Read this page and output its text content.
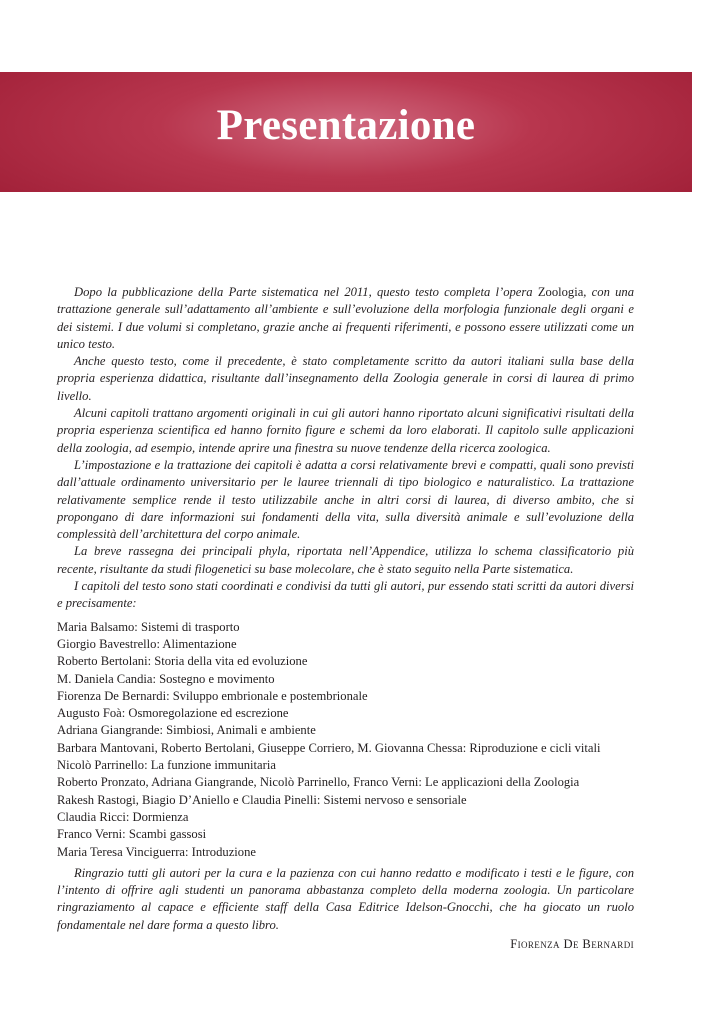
Presentazione

Dopo la pubblicazione della Parte sistematica nel 2011, questo testo completa l’opera Zoologia, con una trattazione generale sull’adattamento all’ambiente e sull’evoluzione della morfologia funzionale degli organi e dei sistemi. I due volumi si completano, grazie anche ai frequenti riferimenti, e possono essere utilizzati come un unico testo.

Anche questo testo, come il precedente, è stato completamente scritto da autori italiani sulla base della propria esperienza didattica, risultante dall’insegnamento della Zoologia generale in corsi di laurea di primo livello.

Alcuni capitoli trattano argomenti originali in cui gli autori hanno riportato alcuni significativi risultati della propria esperienza scientifica ed hanno fornito figure e schemi da loro elaborati. Il capitolo sulle applicazioni della zoologia, ad esempio, intende aprire una finestra su nuove tendenze della ricerca zoologica.

L’impostazione e la trattazione dei capitoli è adatta a corsi relativamente brevi e compatti, quali sono previsti dall’attuale ordinamento universitario per le lauree triennali di tipo biologico e naturalistico. La trattazione relativamente semplice rende il testo utilizzabile anche in altri corsi di laurea, di diverso ambito, che si propongano di dare informazioni sui fondamenti della vita, sulla diversità animale e sull’evoluzione della complessità dell’architettura del corpo animale.

La breve rassegna dei principali phyla, riportata nell’Appendice, utilizza lo schema classificatorio più recente, risultante da studi filogenetici su base molecolare, che è stato seguito nella Parte sistematica.

I capitoli del testo sono stati coordinati e condivisi da tutti gli autori, pur essendo stati scritti da autori diversi e precisamente:

Maria Balsamo: Sistemi di trasporto
Giorgio Bavestrello: Alimentazione
Roberto Bertolani: Storia della vita ed evoluzione
M. Daniela Candia: Sostegno e movimento
Fiorenza De Bernardi: Sviluppo embrionale e postembrionale
Augusto Foà: Osmoregolazione ed escrezione
Adriana Giangrande: Simbiosi, Animali e ambiente
Barbara Mantovani, Roberto Bertolani, Giuseppe Corriero, M. Giovanna Chessa: Riproduzione e cicli vitali
Nicolò Parrinello: La funzione immunitaria
Roberto Pronzato, Adriana Giangrande, Nicolò Parrinello, Franco Verni: Le applicazioni della Zoologia
Rakesh Rastogi, Biagio D’Aniello e Claudia Pinelli: Sistemi nervoso e sensoriale
Claudia Ricci: Dormienza
Franco Verni: Scambi gassosi
Maria Teresa Vinciguerra: Introduzione

Ringrazio tutti gli autori per la cura e la pazienza con cui hanno redatto e modificato i testi e le figure, con l’intento di offrire agli studenti un panorama abbastanza completo della moderna zoologia. Un particolare ringraziamento al capace e efficiente staff della Casa Editrice Idelson-Gnocchi, che ha giocato un ruolo fondamentale nel dare forma a questo libro.

Fiorenza De Bernardi
